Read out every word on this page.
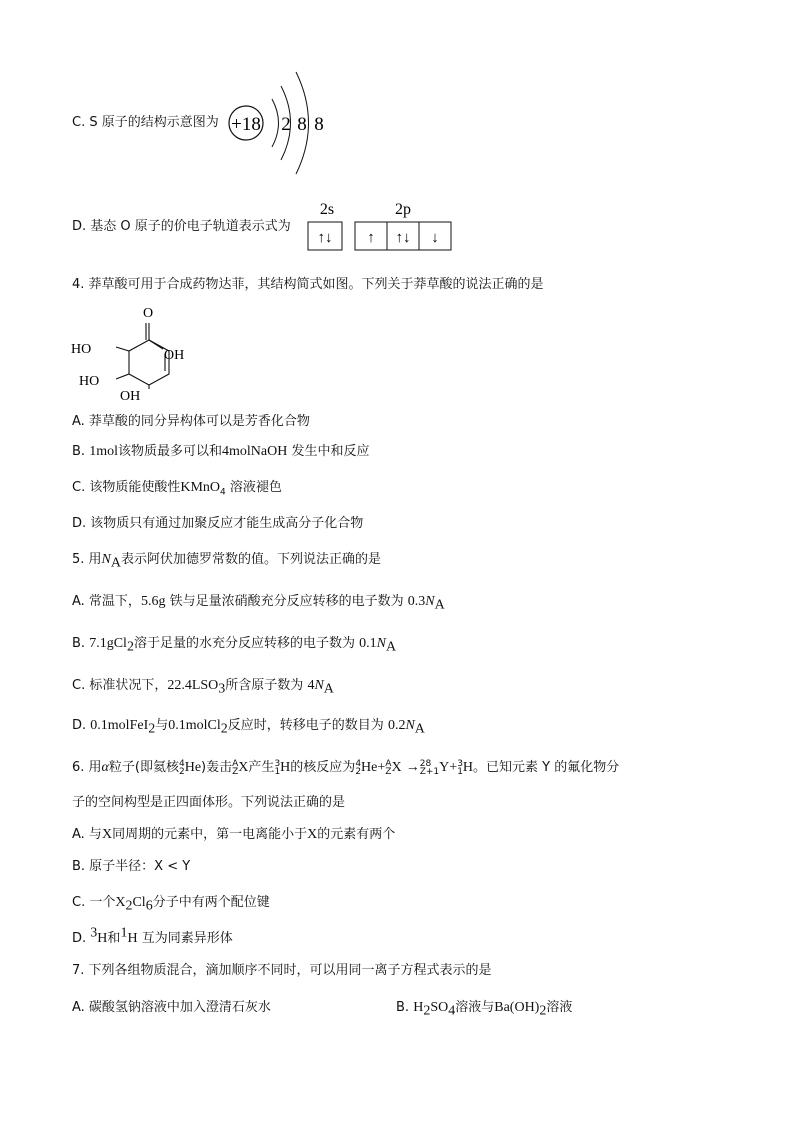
C. S 原子的结构示意图为 +18 2 8 8
D. 基态 O 原子的价电子轨道表示式为
2s	2p
↑↓ ↑ ↑↓ ↓
4. 莽草酸可用于合成药物达菲，其结构简式如图。下列关于莽草酸的说法正确的是
O
OH
HO
HO
OH
A. 莽草酸的同分异构体可以是芳香化合物
B. 1mol该物质最多可以和4molNaOH 发生中和反应
C. 该物质能使酸性KMnO$_4$ 溶液褪色
D. 该物质只有通过加聚反应才能生成高分子化合物
5. 用$N_A$表示阿伏加德罗常数的值。下列说法正确的是
A. 常温下，5.6g 铁与足量浓硝酸充分反应转移的电子数为 $0.3N_A$
B. 7.1gCl$_2$溶于足量的水充分反应转移的电子数为 $0.1N_A$
C. 标准状况下，$22.4LSO_3$所含原子数为 $4N_A$
D. 0.1molFeI$_2$与0.1molCl$_2$反应时，转移电子的数目为 $0.2N_A$
6. 用α粒子(即氦核4
2He)轰击A
ZX产生3
1H的核反应为4
2He+A
ZX →28
Z+1Y+3
1H。已知元素 Y 的氟化物分
子的空间构型是正四面体形。下列说法正确的是
A. 与X同周期的元素中，第一电离能小于X的元素有两个
B. 原子半径：X < Y
C. 一个$X_2Cl_6$分子中有两个配位键
D. $^3$H和$^1$H 互为同素异形体
7. 下列各组物质混合，滴加顺序不同时，可以用同一离子方程式表示的是
A. 碳酸氢钠溶液中加入澄清石灰水	B. $H_2SO_4$溶液与$Ba(OH)_2$溶液
